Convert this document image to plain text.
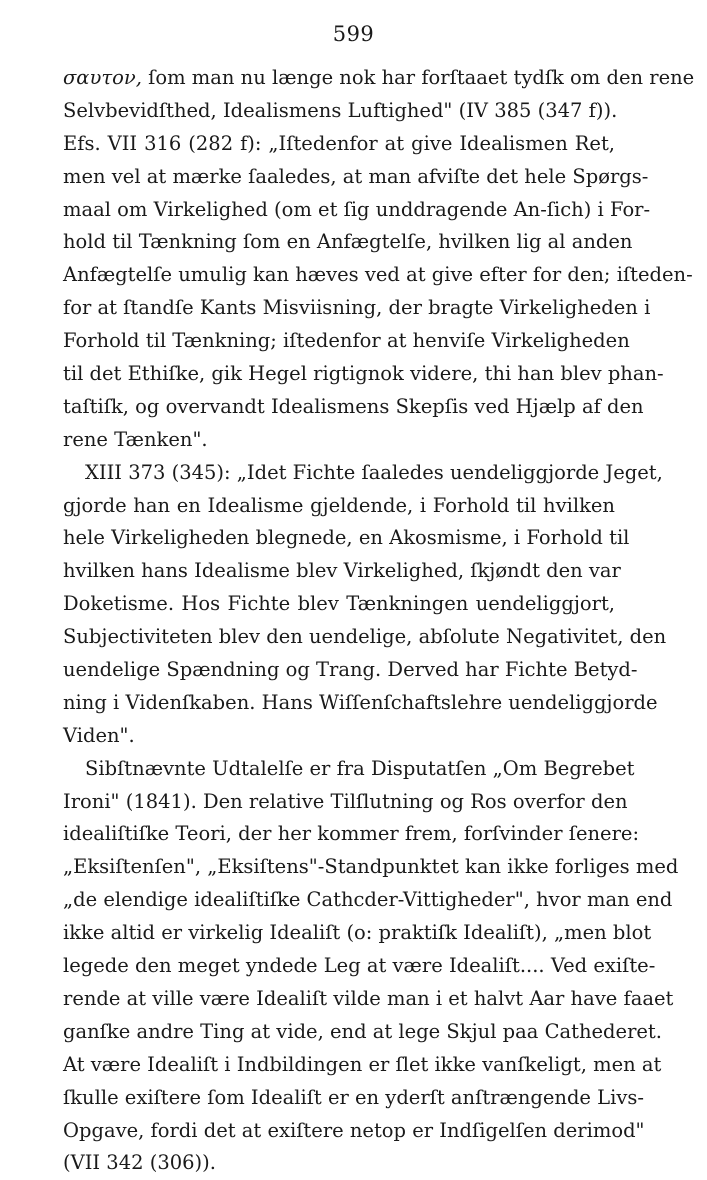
599
σαυτον, ſom man nu længe nok har forſtaaet tydſk om den rene
Selvbevidſthed, Idealismens Luftighed" (IV 385 (347 f)).
Efs. VII 316 (282 f): „Iſtedenfor at give Idealismen Ret,
men vel at mærke ſaaledes, at man afviſte det hele Spørgs-
maal om Virkelighed (om et ſig unddragende An-ſich) i For-
hold til Tænkning ſom en Anfægtelſe, hvilken lig al anden
Anfægtelſe umulig kan hæves ved at give efter for den; iſteden-
for at ſtandſe Kants Misviisning, der bragte Virkeligheden i
Forhold til Tænkning; iſtedenfor at henviſe Virkeligheden
til det Ethiſke, gik Hegel rigtignok videre, thi han blev phan-
taſtiſk, og overvandt Idealismens Skepſis ved Hjælp af den
rene Tænken".
XIII 373 (345): „Idet Fichte ſaaledes uendeliggjorde Jeget,
gjorde han en Idealisme gjeldende, i Forhold til hvilken
hele Virkeligheden blegnede, en Akosmisme, i Forhold til
hvilken hans Idealisme blev Virkelighed, ſkjøndt den var
Doketisme. Hos Fichte blev Tænkningen uendeliggjort,
Subjectiviteten blev den uendelige, abſolute Negativitet, den
uendelige Spændning og Trang. Derved har Fichte Betyd-
ning i Videnſkaben. Hans Wiſſenſchaftslehre uendeliggjorde
Viden".
Sibſtnævnte Udtalelſe er fra Disputatſen „Om Begrebet
Ironi" (1841). Den relative Tilſlutning og Ros overfor den
idealiſtiſke Teori, der her kommer frem, forſvinder ſenere:
„Eksiſtenſen", „Eksiſtens"-Standpunktet kan ikke forliges med
„de elendige idealiſtiſke Cathcder-Vittigheder", hvor man end
ikke altid er virkelig Idealiſt (o: praktiſk Idealiſt), „men blot
legede den meget yndede Leg at være Idealiſt.... Ved exiſte-
rende at ville være Idealiſt vilde man i et halvt Aar have faaet
ganſke andre Ting at vide, end at lege Skjul paa Cathederet.
At være Idealiſt i Indbildingen er ſlet ikke vanſkeligt, men at
ſkulle exiſtere ſom Idealiſt er en yderſt anſtrængende Livs-
Opgave, fordi det at exiſtere netop er Indſigelſen derimod"
(VII 342 (306)).
